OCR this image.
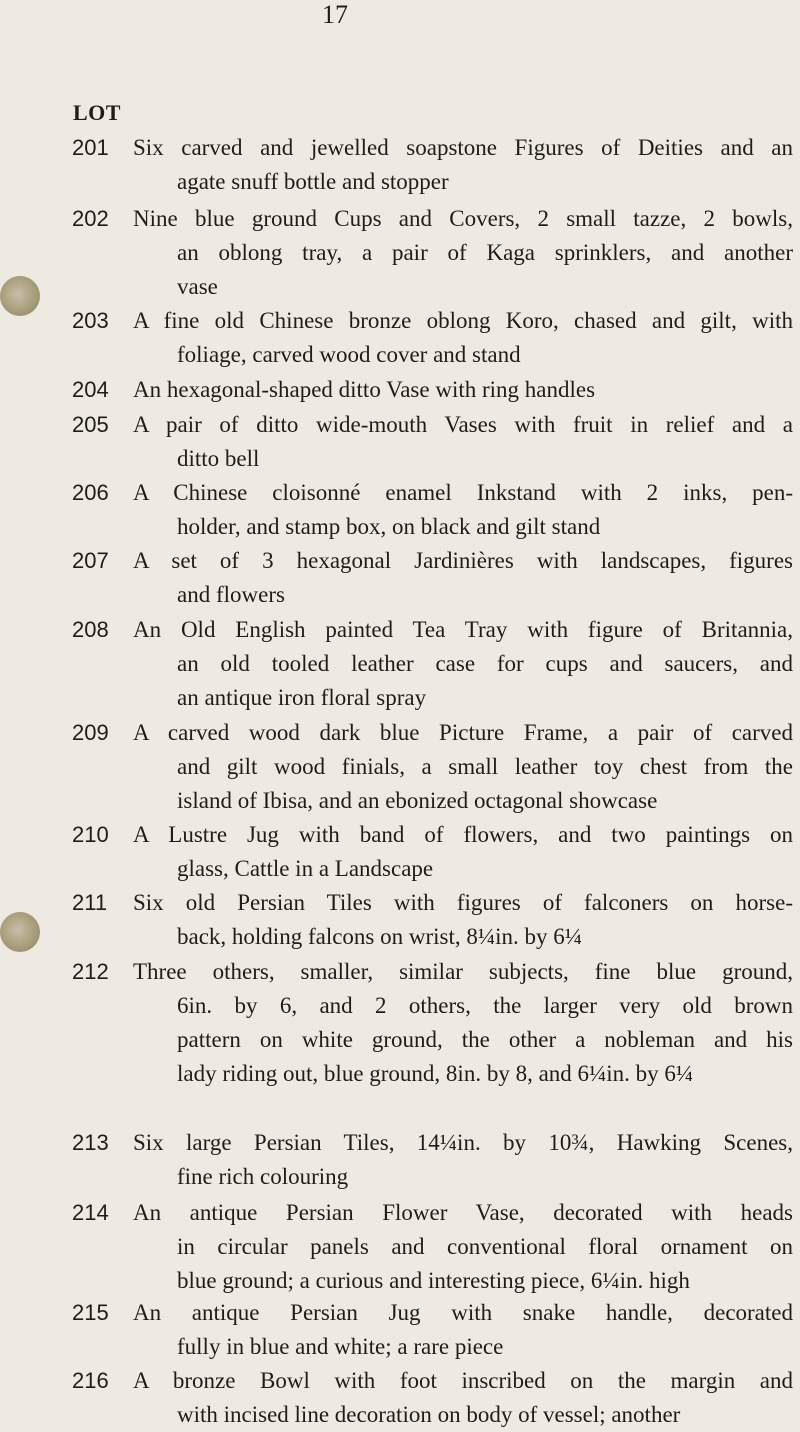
17
LOT
201 Six carved and jewelled soapstone Figures of Deities and an
agate snuff bottle and stopper
202 Nine blue ground Cups and Covers, 2 small tazze, 2 bowls,
an oblong tray, a pair of Kaga sprinklers, and another
vase
203 A fine old Chinese bronze oblong Koro, chased and gilt, with
foliage, carved wood cover and stand
204 An hexagonal-shaped ditto Vase with ring handles
205 A pair of ditto wide-mouth Vases with fruit in relief and a
ditto bell
206 A Chinese cloisonné enamel Inkstand with 2 inks, pen-
holder, and stamp box, on black and gilt stand
207 A set of 3 hexagonal Jardinières with landscapes, figures
and flowers
208 An Old English painted Tea Tray with figure of Britannia,
an old tooled leather case for cups and saucers, and
an antique iron floral spray
209 A carved wood dark blue Picture Frame, a pair of carved
and gilt wood finials, a small leather toy chest from the
island of Ibisa, and an ebonized octagonal showcase
210 A Lustre Jug with band of flowers, and two paintings on
glass, Cattle in a Landscape
211 Six old Persian Tiles with figures of falconers on horse-
back, holding falcons on wrist, 8¼in. by 6¼
212 Three others, smaller, similar subjects, fine blue ground,
6in. by 6, and 2 others, the larger very old brown
pattern on white ground, the other a nobleman and his
lady riding out, blue ground, 8in. by 8, and 6¼in. by 6¼
213 Six large Persian Tiles, 14¼in. by 10¾, Hawking Scenes,
fine rich colouring
214 An antique Persian Flower Vase, decorated with heads
in circular panels and conventional floral ornament on
blue ground; a curious and interesting piece, 6¼in. high
215 An antique Persian Jug with snake handle, decorated
fully in blue and white; a rare piece
216 A bronze Bowl with foot inscribed on the margin and
with incised line decoration on body of vessel; another
